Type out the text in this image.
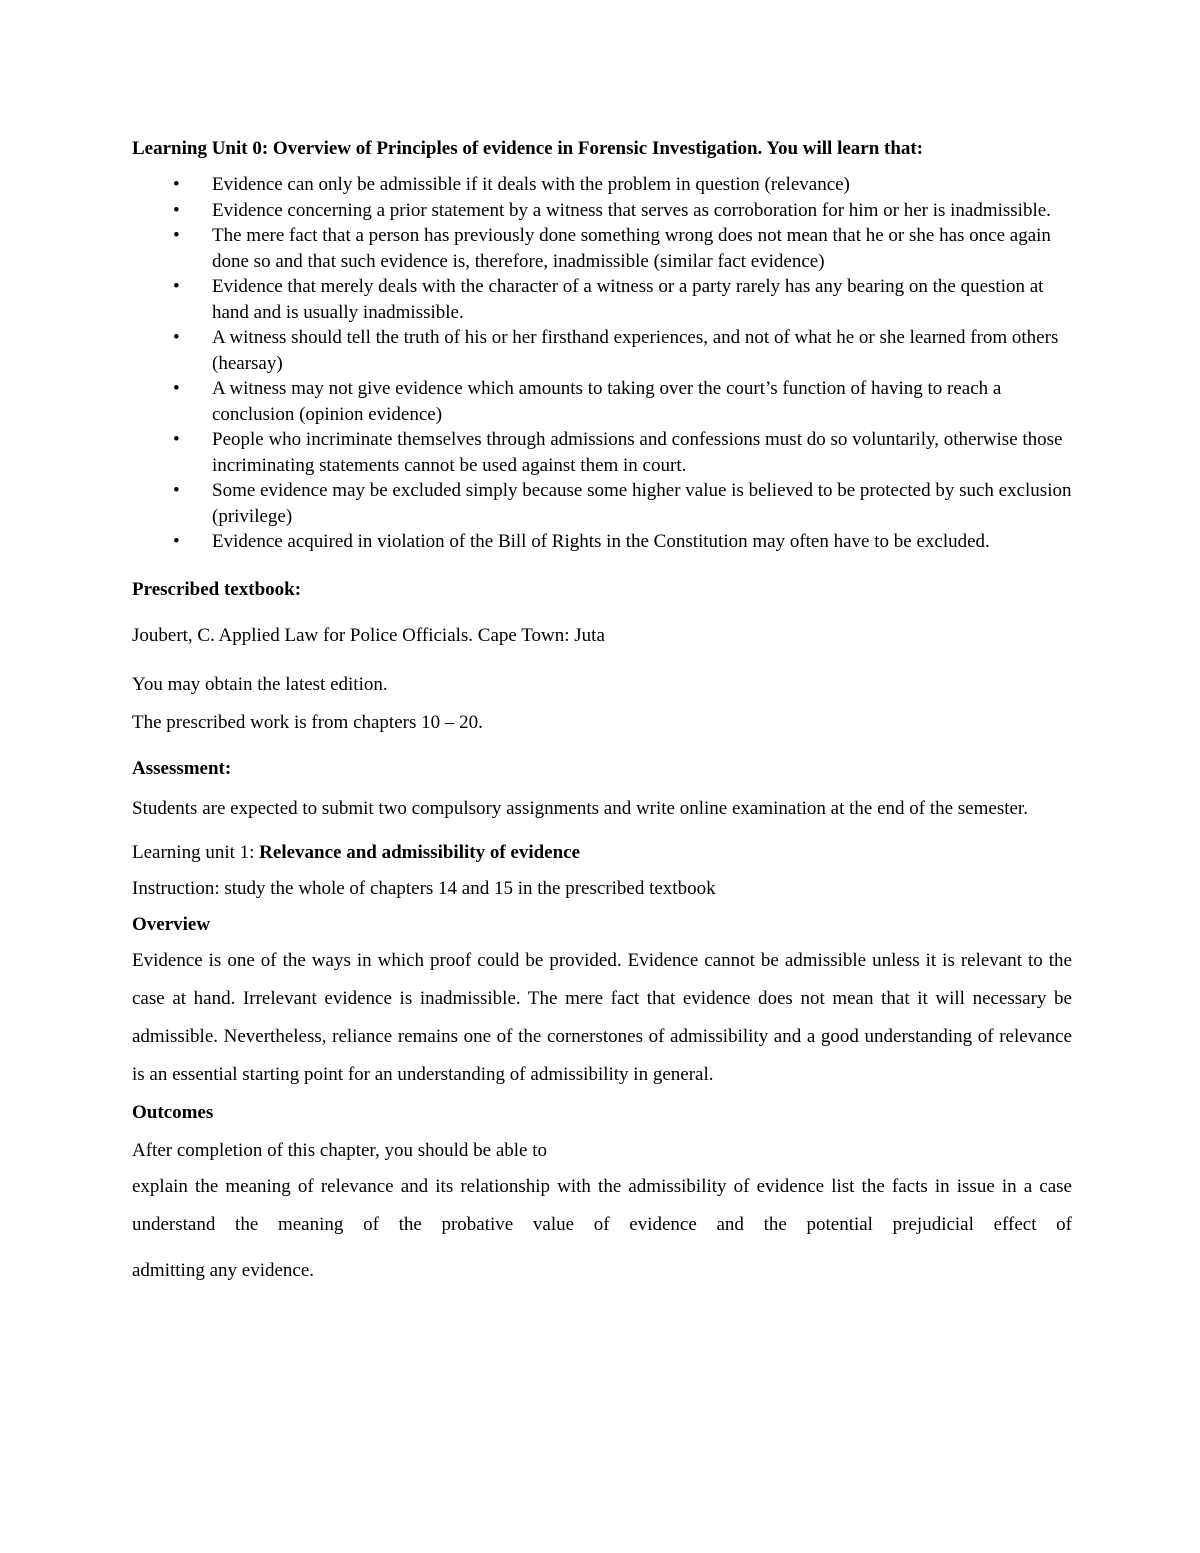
Learning Unit 0: Overview of Principles of evidence in Forensic Investigation. You will learn that:

• Evidence can only be admissible if it deals with the problem in question (relevance)
• Evidence concerning a prior statement by a witness that serves as corroboration for him or her is inadmissible.
• The mere fact that a person has previously done something wrong does not mean that he or she has once again done so and that such evidence is, therefore, inadmissible (similar fact evidence)
• Evidence that merely deals with the character of a witness or a party rarely has any bearing on the question at hand and is usually inadmissible.
• A witness should tell the truth of his or her firsthand experiences, and not of what he or she learned from others (hearsay)
• A witness may not give evidence which amounts to taking over the court’s function of having to reach a conclusion (opinion evidence)
• People who incriminate themselves through admissions and confessions must do so voluntarily, otherwise those incriminating statements cannot be used against them in court.
• Some evidence may be excluded simply because some higher value is believed to be protected by such exclusion (privilege)
• Evidence acquired in violation of the Bill of Rights in the Constitution may often have to be excluded.

Prescribed textbook:

Joubert, C. Applied Law for Police Officials. Cape Town: Juta

You may obtain the latest edition.

The prescribed work is from chapters 10 – 20.

Assessment:

Students are expected to submit two compulsory assignments and write online examination at the end of the semester.

Learning unit 1: Relevance and admissibility of evidence

Instruction: study the whole of chapters 14 and 15 in the prescribed textbook

Overview

Evidence is one of the ways in which proof could be provided. Evidence cannot be admissible unless it is relevant to the case at hand. Irrelevant evidence is inadmissible. The mere fact that evidence does not mean that it will necessary be admissible. Nevertheless, reliance remains one of the cornerstones of admissibility and a good understanding of relevance is an essential starting point for an understanding of admissibility in general.

Outcomes

After completion of this chapter, you should be able to

explain the meaning of relevance and its relationship with the admissibility of evidence list the facts in issue in a case understand the meaning of the probative value of evidence and the potential prejudicial effect of

admitting any evidence.
